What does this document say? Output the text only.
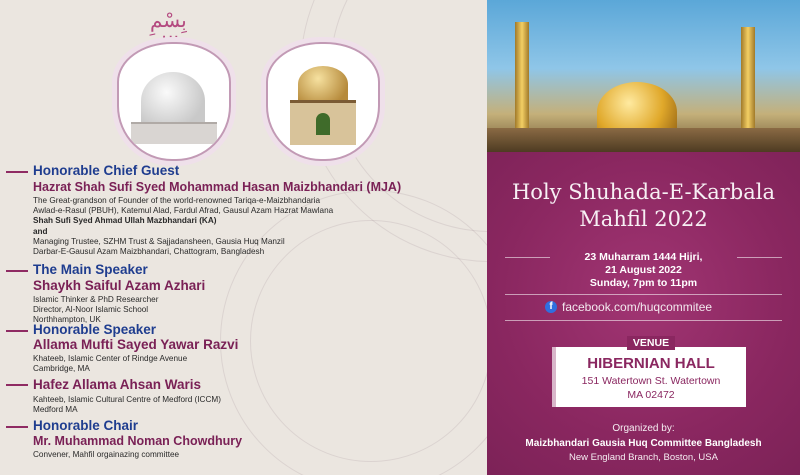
بِسْمِ
Honorable Chief Guest
Hazrat Shah Sufi Syed Mohammad Hasan Maizbhandari (MJA)
The Great-grandson of Founder of the world-renowned Tariqa-e-Maizbhandaria
Awlad-e-Rasul (PBUH), Katemul Alad, Fardul Afrad, Gausul Azam Hazrat Mawlana
Shah Sufi Syed Ahmad Ullah Mazbhandari (KA)
and
Managing Trustee, SZHM Trust & Sajjadansheen, Gausia Huq Manzil
Darbar-E-Gausul Azam Maizbhandari, Chattogram, Bangladesh
The Main Speaker
Shaykh Saiful Azam Azhari
Islamic Thinker & PhD Researcher
Director, Al-Noor Islamic School
Northhampton, UK
Honorable Speaker
Allama Mufti Sayed Yawar Razvi
Khateeb, Islamic Center of Rindge Avenue
Cambridge, MA
Hafez Allama Ahsan Waris
Kahteeb, Islamic Cultural Centre of Medford (ICCM)
Medford MA
Honorable Chair
Mr. Muhammad Noman Chowdhury
Convener, Mahfil orgainazing committee
Holy Shuhada-E-Karbala
Mahfil 2022
23 Muharram 1444 Hijri,
21 August 2022
Sunday, 7pm to 11pm
f facebook.com/huqcommitee
VENUE
HIBERNIAN HALL
151 Watertown St. Watertown
MA 02472
Organized by:
Maizbhandari Gausia Huq Committee Bangladesh
New England Branch, Boston, USA
